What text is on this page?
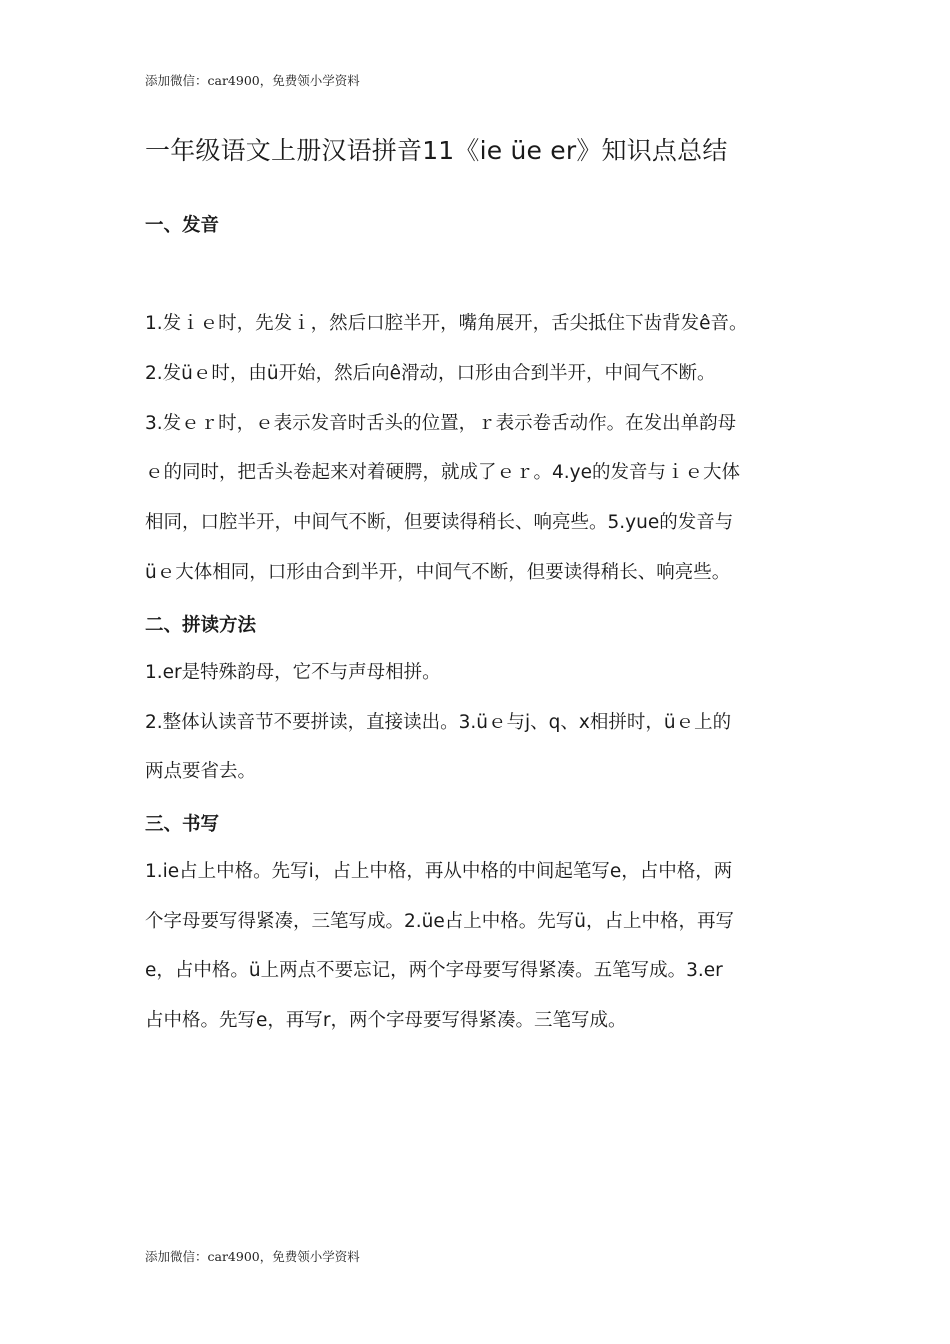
添加微信：car4900，免费领小学资料
一年级语文上册汉语拼音11《ie üe er》知识点总结
一、发音

1.发ｉｅ时，先发ｉ，然后口腔半开，嘴角展开，舌尖抵住下齿背发ê音。

2.发üｅ时，由ü开始，然后向ê滑动，口形由合到半开，中间气不断。

3.发ｅｒ时，ｅ表示发音时舌头的位置，ｒ表示卷舌动作。在发出单韵母

ｅ的同时，把舌头卷起来对着硬腭，就成了ｅｒ。4.ye的发音与ｉｅ大体

相同，口腔半开，中间气不断，但要读得稍长、响亮些。5.yue的发音与

üｅ大体相同，口形由合到半开，中间气不断，但要读得稍长、响亮些。

二、拼读方法

1.er是特殊韵母，它不与声母相拼。

2.整体认读音节不要拼读，直接读出。3.üｅ与j、q、x相拼时，üｅ上的

两点要省去。

三、书写

1.ie占上中格。先写i，占上中格，再从中格的中间起笔写e，占中格，两

个字母要写得紧凑，三笔写成。2.üe占上中格。先写ü，占上中格，再写

e，占中格。ü上两点不要忘记，两个字母要写得紧凑。五笔写成。3.er

占中格。先写e，再写r，两个字母要写得紧凑。三笔写成。

添加微信：car4900，免费领小学资料
